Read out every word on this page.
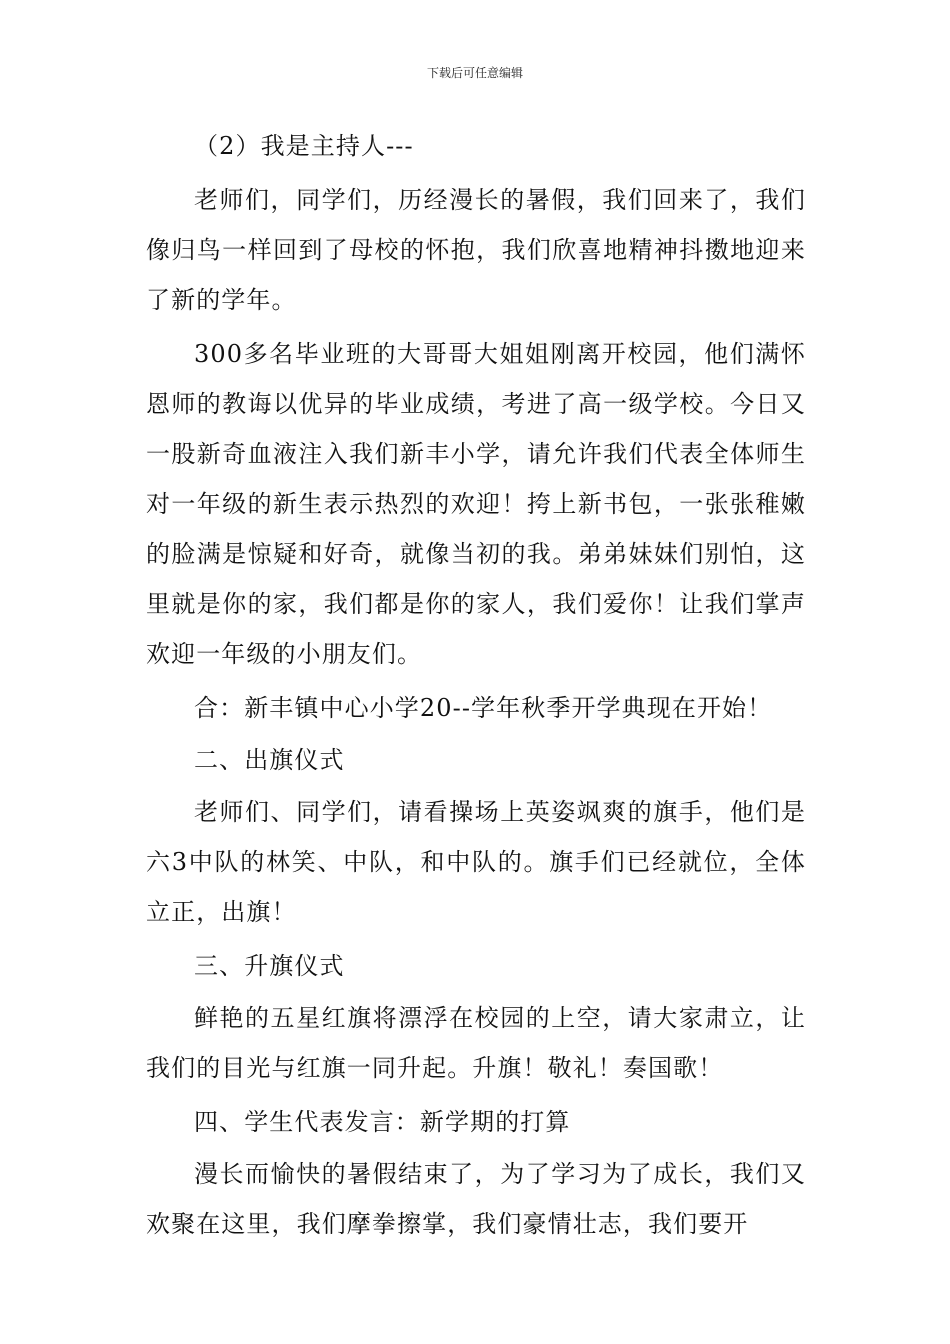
下载后可任意编辑

（2）我是主持人---

老师们，同学们，历经漫长的暑假，我们回来了，我们像归鸟一样回到了母校的怀抱，我们欣喜地精神抖擞地迎来了新的学年。

300多名毕业班的大哥哥大姐姐刚离开校园，他们满怀恩师的教诲以优异的毕业成绩，考进了高一级学校。今日又一股新奇血液注入我们新丰小学，请允许我们代表全体师生对一年级的新生表示热烈的欢迎！挎上新书包，一张张稚嫩的脸满是惊疑和好奇，就像当初的我。弟弟妹妹们别怕，这里就是你的家，我们都是你的家人，我们爱你！让我们掌声欢迎一年级的小朋友们。

合：新丰镇中心小学20--学年秋季开学典现在开始！

二、出旗仪式

老师们、同学们，请看操场上英姿飒爽的旗手，他们是六3中队的林笑、中队，和中队的。旗手们已经就位，全体立正，出旗！

三、升旗仪式

鲜艳的五星红旗将漂浮在校园的上空，请大家肃立，让我们的目光与红旗一同升起。升旗！敬礼！奏国歌！

四、学生代表发言：新学期的打算

漫长而愉快的暑假结束了，为了学习为了成长，我们又欢聚在这里，我们摩拳擦掌，我们豪情壮志，我们要开
